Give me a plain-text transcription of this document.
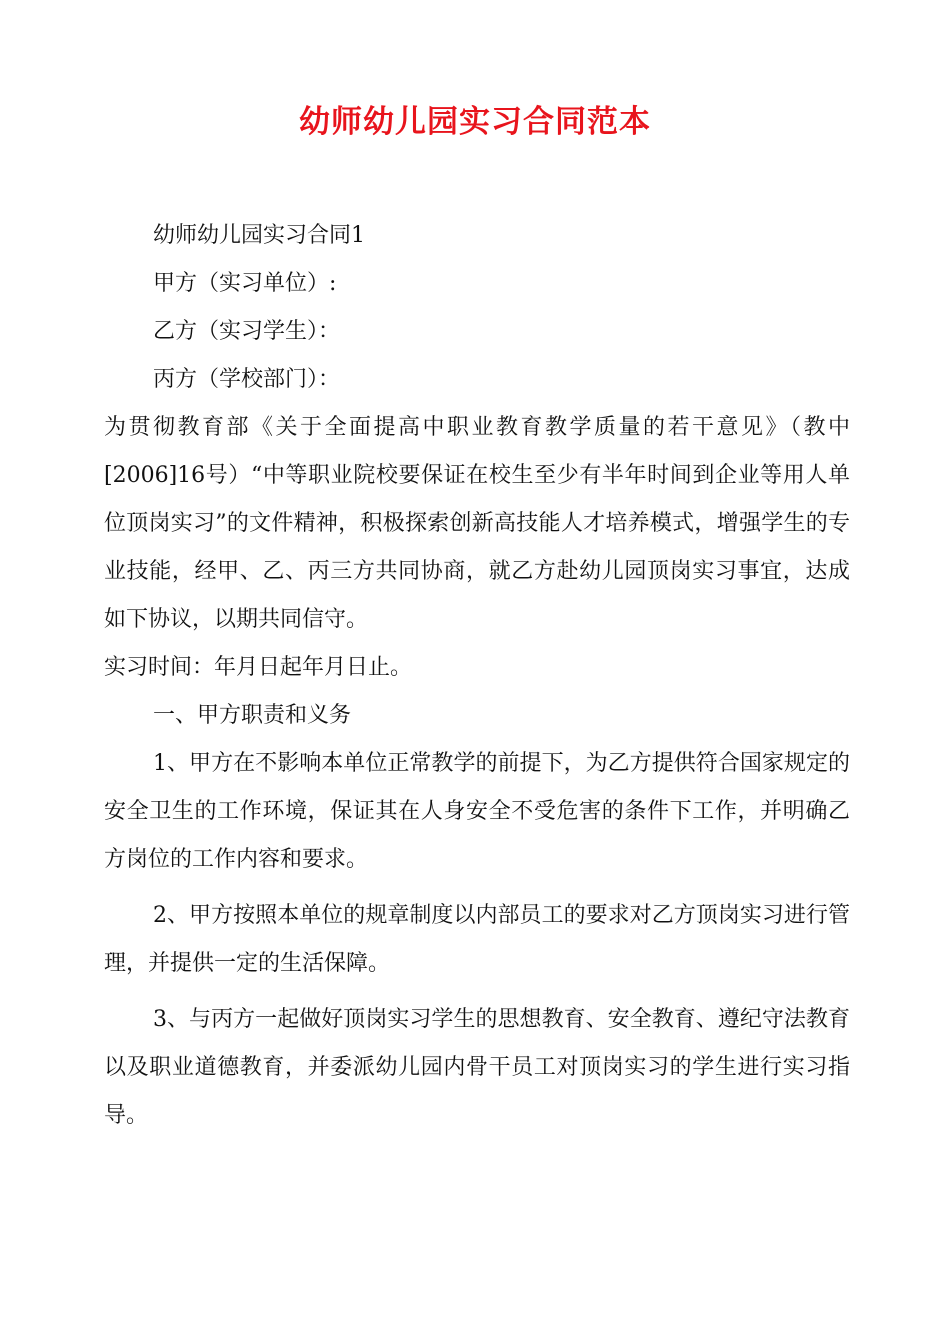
幼师幼儿园实习合同范本

幼师幼儿园实习合同1

甲方（实习单位）:

乙方（实习学生）：

丙方（学校部门）：

为贯彻教育部《关于全面提高中职业教育教学质量的若干意见》（教中[2006]16号）“中等职业院校要保证在校生至少有半年时间到企业等用人单位顶岗实习”的文件精神，积极探索创新高技能人才培养模式，增强学生的专业技能，经甲、乙、丙三方共同协商，就乙方赴幼儿园顶岗实习事宜，达成如下协议，以期共同信守。

实习时间：年月日起年月日止。

一、甲方职责和义务

1、甲方在不影响本单位正常教学的前提下，为乙方提供符合国家规定的安全卫生的工作环境，保证其在人身安全不受危害的条件下工作，并明确乙方岗位的工作内容和要求。

2、甲方按照本单位的规章制度以内部员工的要求对乙方顶岗实习进行管理，并提供一定的生活保障。

3、与丙方一起做好顶岗实习学生的思想教育、安全教育、遵纪守法教育以及职业道德教育，并委派幼儿园内骨干员工对顶岗实习的学生进行实习指导。
